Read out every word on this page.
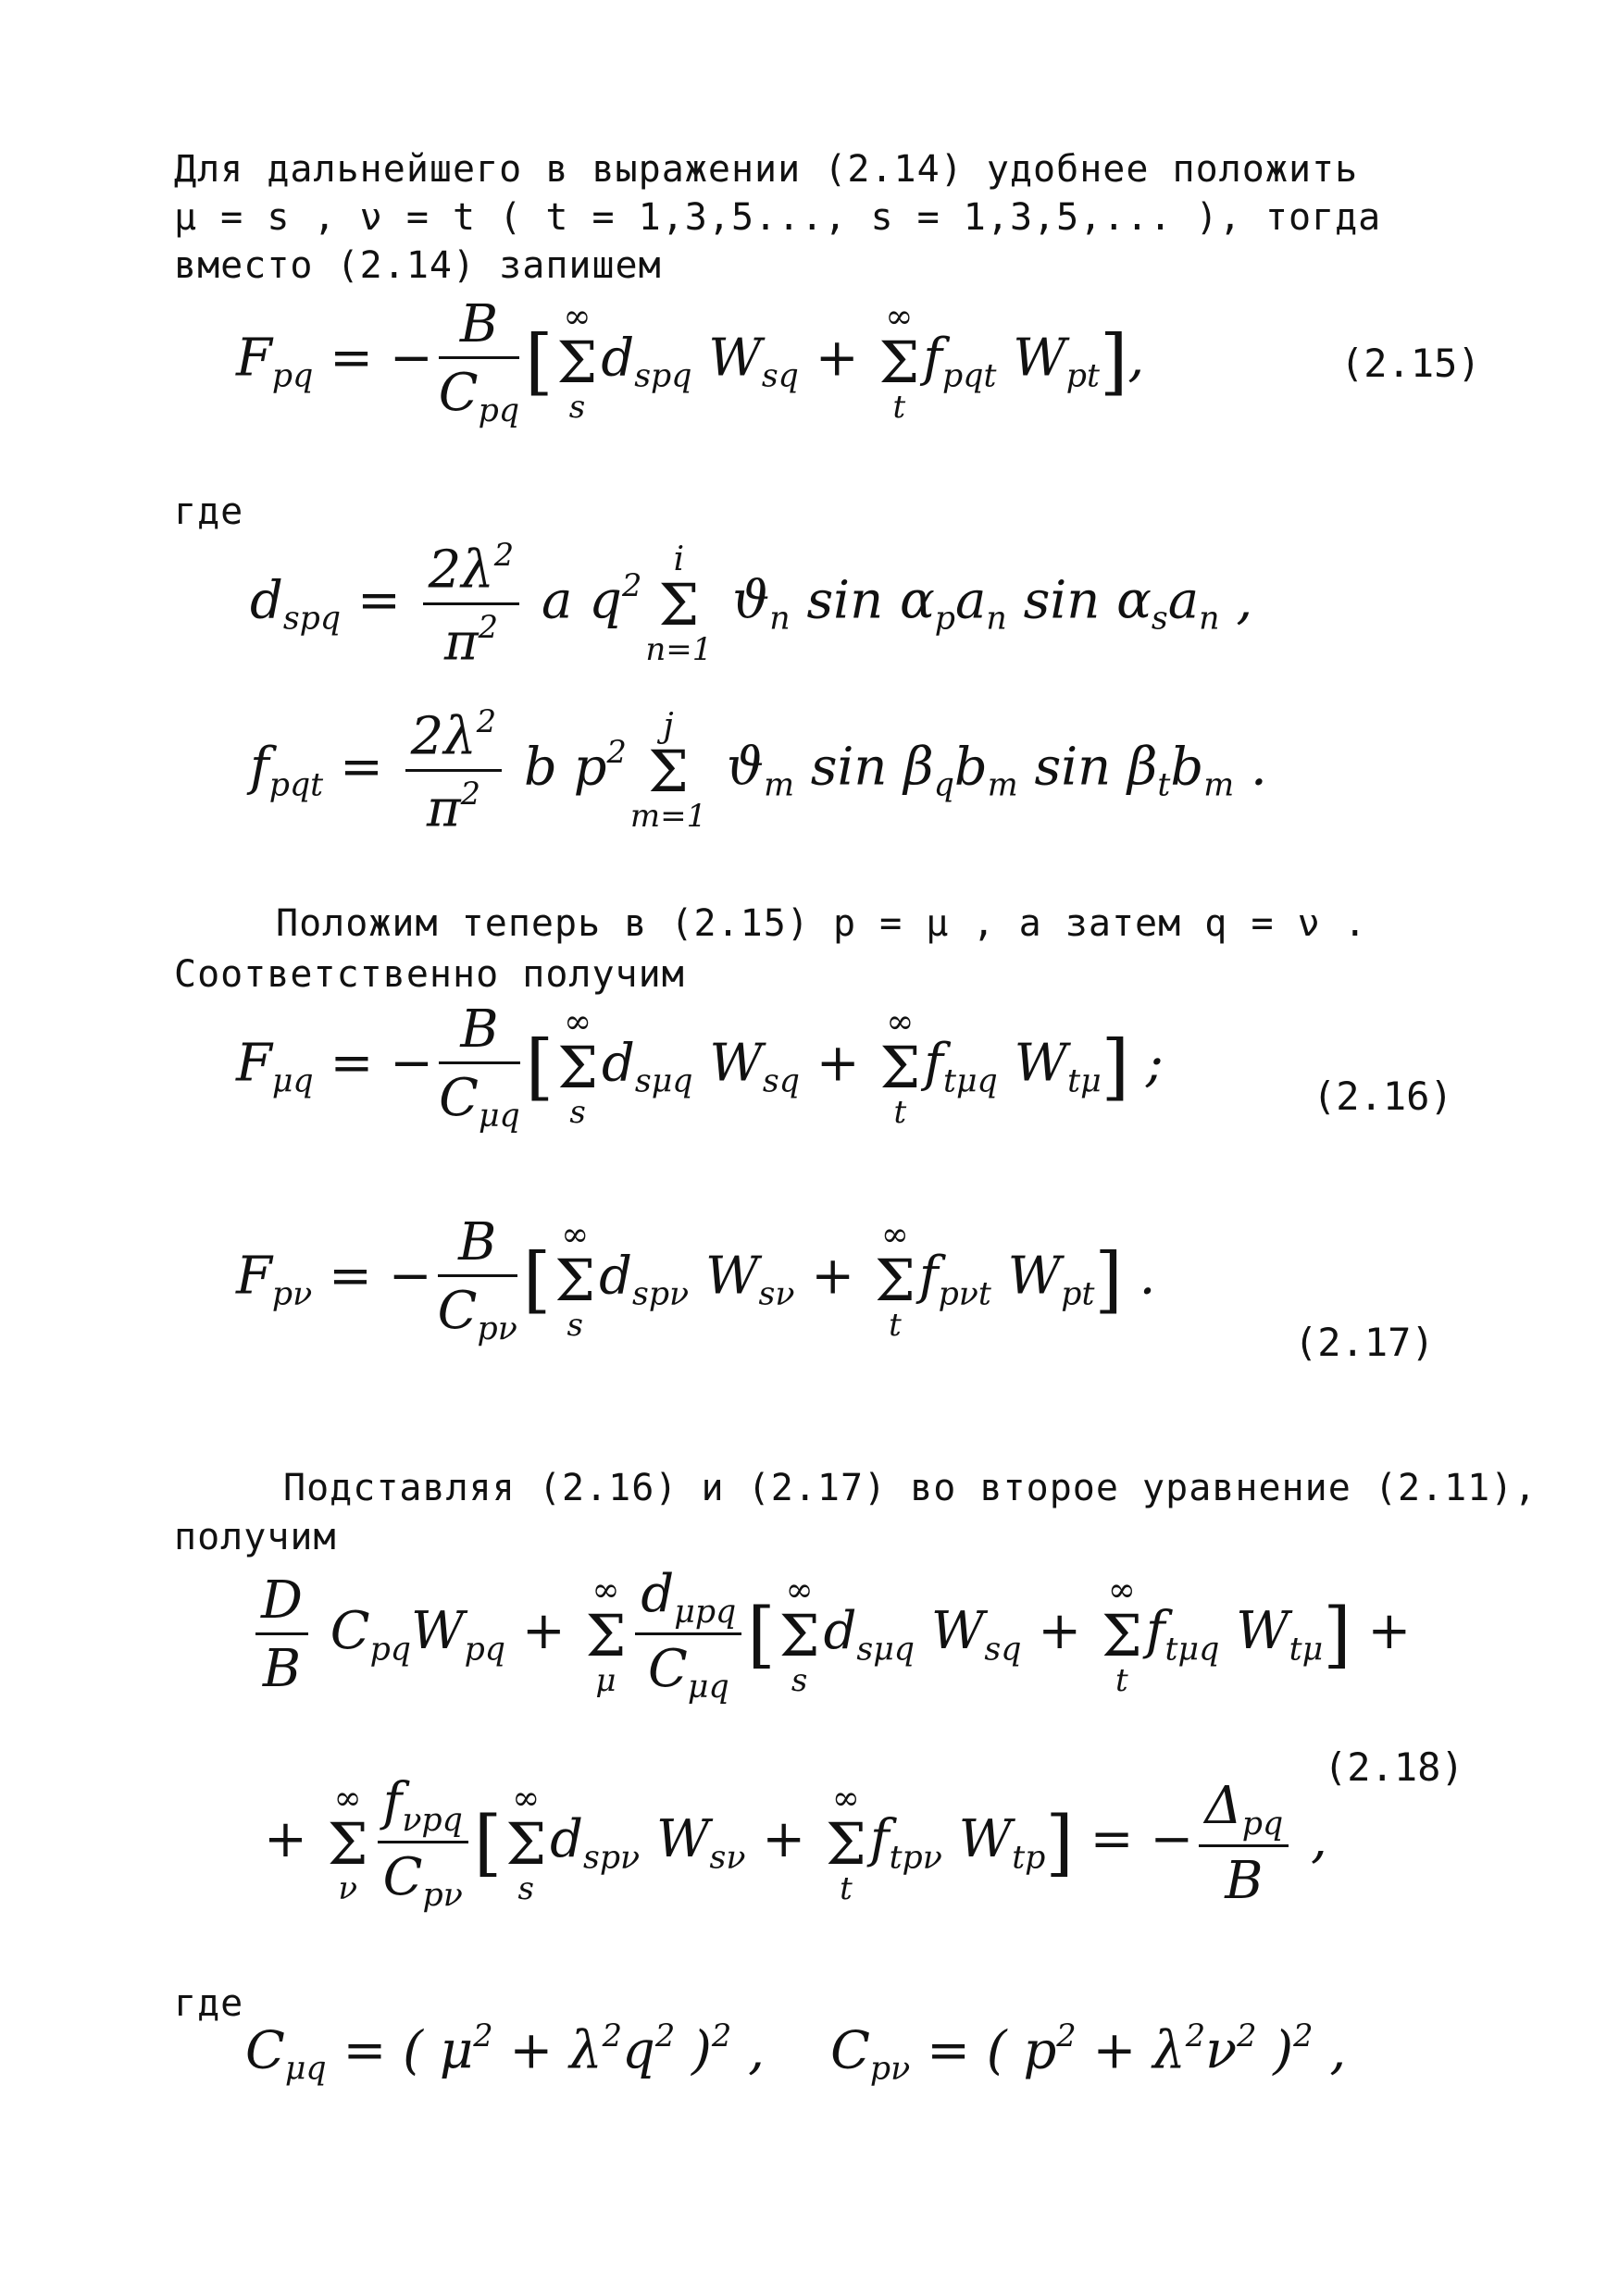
Для дальнейшего в выражении (2.14) удобнее положить
μ = s , ν = t ( t = 1,3,5..., s = 1,3,5,... ), тогда
вместо (2.14) запишем
$F_{pq}$ = − $\frac{B}{C_{pq}}$ [
∞
Σ
s
$d_{spq}$ $W_{sq}$ +
∞
Σ
t
$f_{pqt}$ $W_{pt}$],	(2.15)
где
$d_{spq} = \frac{2\lambda^2}{\pi^2}$ a $q^2$
i
Σ
n=1
$ϑ_n$ $\sin \alpha_pa_n$ $\sin \alpha_sa_n$ ,
$f_{pqt} = \frac{2\lambda^2}{\pi^2}$ b $p^2$
j
Σ
m=1
$ϑ_m$ $\sin \beta_qb_m$ $\sin \beta_tb_m$ .
Положим теперь в (2.15) p = μ , а затем q = ν .
Соответственно получим
$F_{\mu q}$ = − $\frac{B}{C_{\mu q}}$ [
∞
Σ
s
$d_{s\mu q}$ $W_{sq}$ +
∞
Σ
t
$f_{t\mu q}$ $W_{t\mu}$] ;
(2.16)
$F_{p\nu}$ = − $\frac{B}{C_{p\nu}}$ [
∞
Σ
s
$d_{sp\nu}$ $W_{s\nu}$ +
∞
Σ
t
$f_{p\nu t}$ $W_{pt}$] .
(2.17)
Подставляя (2.16) и (2.17) во второе уравнение (2.11),
получим
$\frac{D}{B} C_{pq}W_{pq}$ +
∞
Σ
μ $\frac{d_{\mu pq}}{C_{\mu q}}$ [
∞
Σ
s
$d_{s\mu q}$ $W_{sq}$ +
∞
Σ
t
$f_{t\mu q}$ $W_{t\mu}$] +
(2.18)
+
∞
Σ
ν $\frac{f_{\nu pq}}{C_{p\nu}}$ [
∞
Σ
s
$d_{sp\nu}$ $W_{s\nu}$ +
∞
Σ
t
$f_{tp\nu}$ $W_{tp}$] = − $\frac{\Delta_{pq}}{B}$ ,
где
$C_{\mu q}$ = ( $\mu^2 + \lambda^2q^2$ )$^2$ ,    $C_{p\nu}$ = ( $p^2 + \lambda^2\nu^2$ )$^2$ ,
